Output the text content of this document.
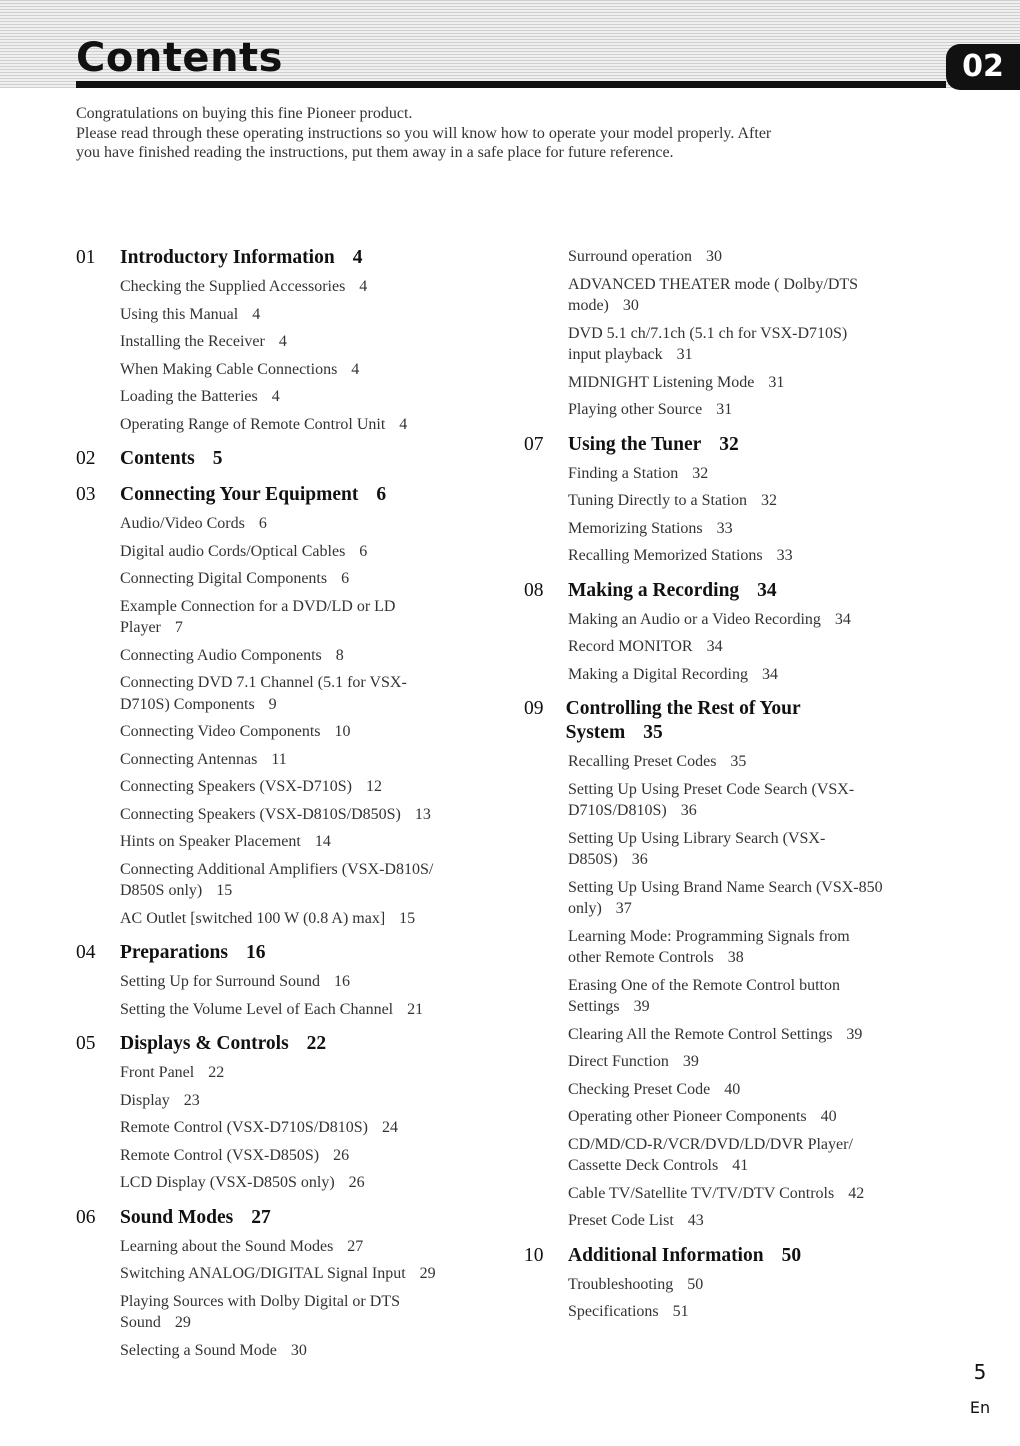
Contents	02

Congratulations on buying this fine Pioneer product.

Please read through these operating instructions so you will know how to operate your model properly. After you have finished reading the instructions, put them away in a safe place for future reference.

01	Introductory Information 4
Checking the Supplied Accessories 4
Using this Manual 4
Installing the Receiver 4
When Making Cable Connections 4
Loading the Batteries 4
Operating Range of Remote Control Unit 4
02	Contents 5
03	Connecting Your Equipment 6
Audio/Video Cords 6
Digital audio Cords/Optical Cables 6
Connecting Digital Components 6
Example Connection for a DVD/LD or LD Player 7
Connecting Audio Components 8
Connecting DVD 7.1 Channel (5.1 for VSX-D710S) Components 9
Connecting Video Components 10
Connecting Antennas 11
Connecting Speakers (VSX-D710S) 12
Connecting Speakers (VSX-D810S/D850S) 13
Hints on Speaker Placement 14
Connecting Additional Amplifiers (VSX-D810S/ D850S only) 15
AC Outlet [switched 100 W (0.8 A) max] 15
04	Preparations 16
Setting Up for Surround Sound 16
Setting the Volume Level of Each Channel 21
05	Displays & Controls 22
Front Panel 22
Display 23
Remote Control (VSX-D710S/D810S) 24
Remote Control (VSX-D850S) 26
LCD Display (VSX-D850S only) 26
06	Sound Modes 27
Learning about the Sound Modes 27
Switching ANALOG/DIGITAL Signal Input 29
Playing Sources with Dolby Digital or DTS Sound 29
Selecting a Sound Mode 30
Surround operation 30
ADVANCED THEATER mode ( Dolby/DTS mode) 30
DVD 5.1 ch/7.1ch (5.1 ch for VSX-D710S) input playback 31
MIDNIGHT Listening Mode 31
Playing other Source 31
07	Using the Tuner 32
Finding a Station 32
Tuning Directly to a Station 32
Memorizing Stations 33
Recalling Memorized Stations 33
08	Making a Recording 34
Making an Audio or a Video Recording 34
Record MONITOR 34
Making a Digital Recording 34
09	Controlling the Rest of Your System 35
Recalling Preset Codes 35
Setting Up Using Preset Code Search (VSX-D710S/D810S) 36
Setting Up Using Library Search (VSX-D850S) 36
Setting Up Using Brand Name Search (VSX-850 only) 37
Learning Mode: Programming Signals from other Remote Controls 38
Erasing One of the Remote Control button Settings 39
Clearing All the Remote Control Settings 39
Direct Function 39
Checking Preset Code 40
Operating other Pioneer Components 40
CD/MD/CD-R/VCR/DVD/LD/DVR Player/ Cassette Deck Controls 41
Cable TV/Satellite TV/TV/DTV Controls 42
Preset Code List 43
10	Additional Information 50
Troubleshooting 50
Specifications 51
5
En
